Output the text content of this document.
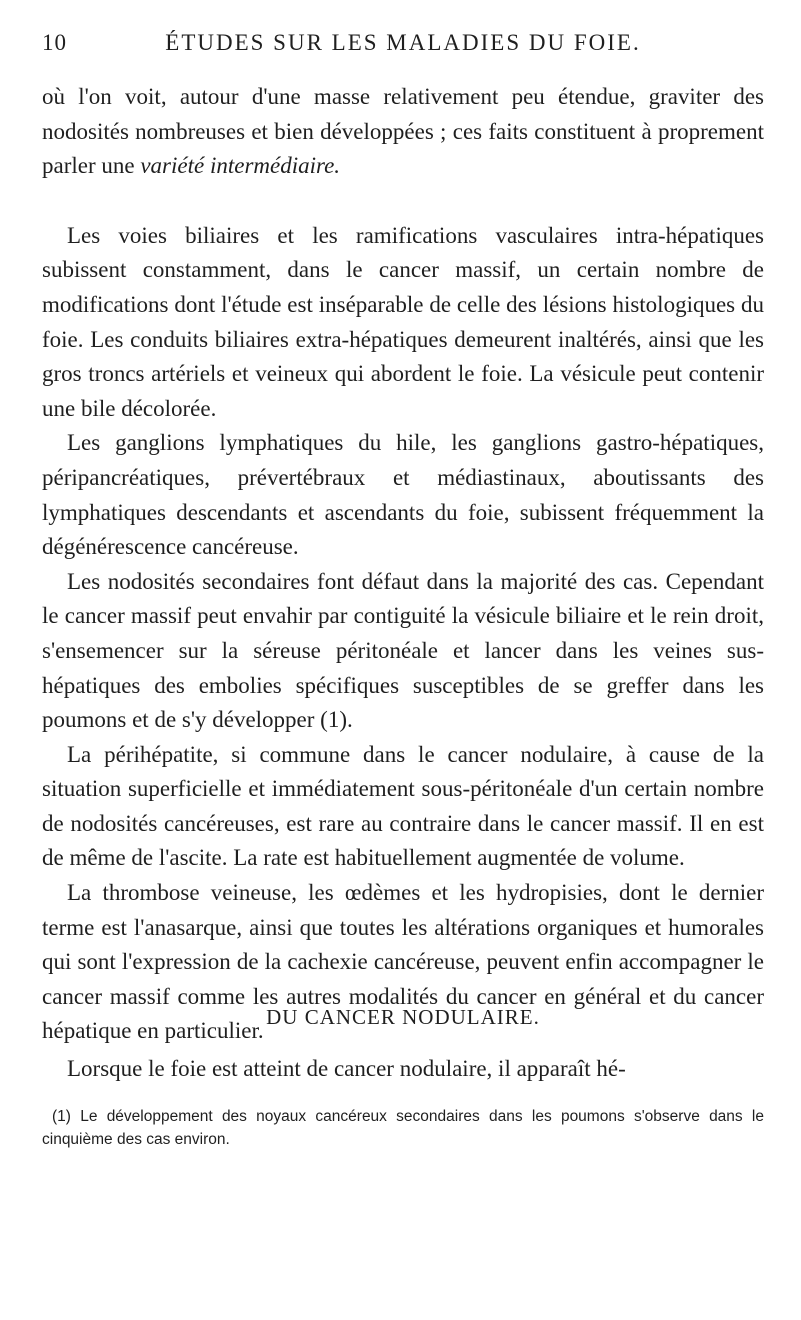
10	ÉTUDES SUR LES MALADIES DU FOIE.

où l'on voit, autour d'une masse relativement peu étendue, graviter des nodosités nombreuses et bien développées ; ces faits constituent à proprement parler une variété intermédiaire.

Les voies biliaires et les ramifications vasculaires intra-hépatiques subissent constamment, dans le cancer massif, un certain nombre de modifications dont l'étude est inséparable de celle des lésions histologiques du foie. Les conduits biliaires extra-hépatiques demeurent inaltérés, ainsi que les gros troncs artériels et veineux qui abordent le foie. La vésicule peut contenir une bile décolorée.

Les ganglions lymphatiques du hile, les ganglions gastro-hépatiques, péripancréatiques, prévertébraux et médiastinaux, aboutissants des lymphatiques descendants et ascendants du foie, subissent fréquemment la dégénérescence cancéreuse.

Les nodosités secondaires font défaut dans la majorité des cas. Cependant le cancer massif peut envahir par contiguité la vésicule biliaire et le rein droit, s'ensemencer sur la séreuse péritonéale et lancer dans les veines sus-hépatiques des embolies spécifiques susceptibles de se greffer dans les poumons et de s'y développer (1).

La périhépatite, si commune dans le cancer nodulaire, à cause de la situation superficielle et immédiatement sous-péritonéale d'un certain nombre de nodosités cancéreuses, est rare au contraire dans le cancer massif. Il en est de même de l'ascite. La rate est habituellement augmentée de volume.

La thrombose veineuse, les œdèmes et les hydropisies, dont le dernier terme est l'anasarque, ainsi que toutes les altérations organiques et humorales qui sont l'expression de la cachexie cancéreuse, peuvent enfin accompagner le cancer massif comme les autres modalités du cancer en général et du cancer hépatique en particulier.

DU CANCER NODULAIRE.
Lorsque le foie est atteint de cancer nodulaire, il apparaît hé-
(1) Le développement des noyaux cancéreux secondaires dans les poumons s'observe dans le cinquième des cas environ.
